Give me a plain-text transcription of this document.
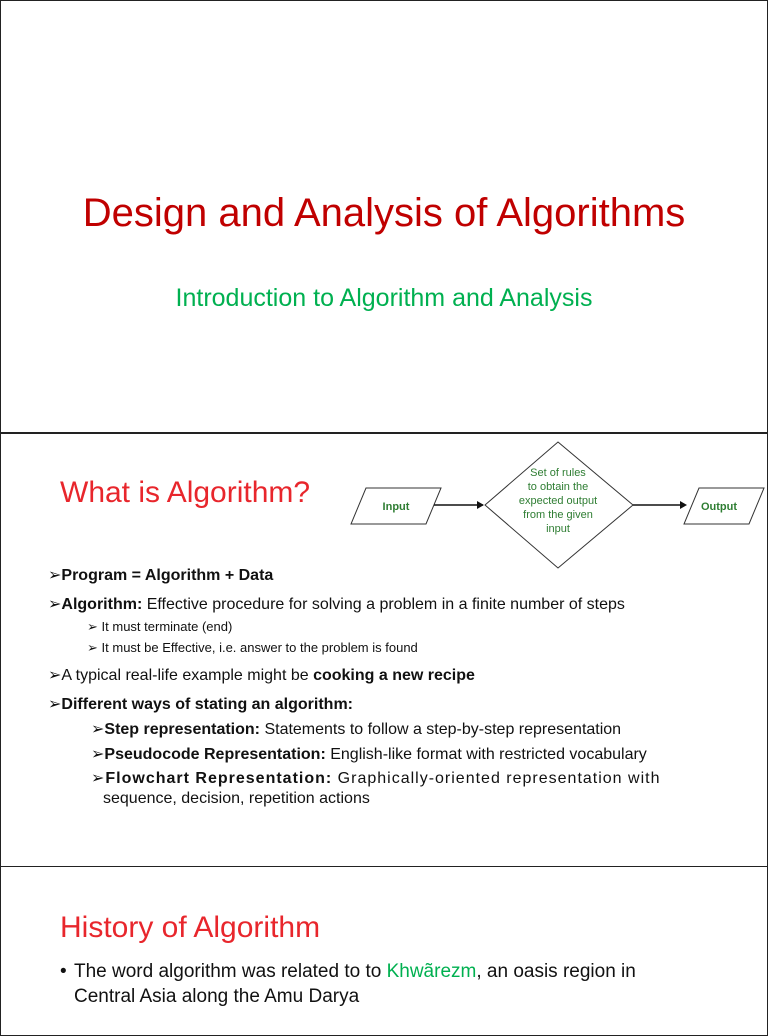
Design and Analysis of Algorithms
Introduction to Algorithm and Analysis
What is Algorithm?	Input
Set of rules
to obtain the
expected output
from the given
input
Output
➢Program = Algorithm + Data
➢Algorithm: Effective procedure for solving a problem in a finite number of steps
➢ It must terminate (end)
➢ It must be Effective, i.e. answer to the problem is found
➢A typical real-life example might be cooking a new recipe
➢Different ways of stating an algorithm:
➢Step representation: Statements to follow a step-by-step representation
➢Pseudocode Representation: English-like format with restricted vocabulary
➢Flowchart Representation: Graphically-oriented representation with
sequence, decision, repetition actions
History of Algorithm
• The word algorithm was related to to Khwãrezm, an oasis region in
Central Asia along the Amu Darya
